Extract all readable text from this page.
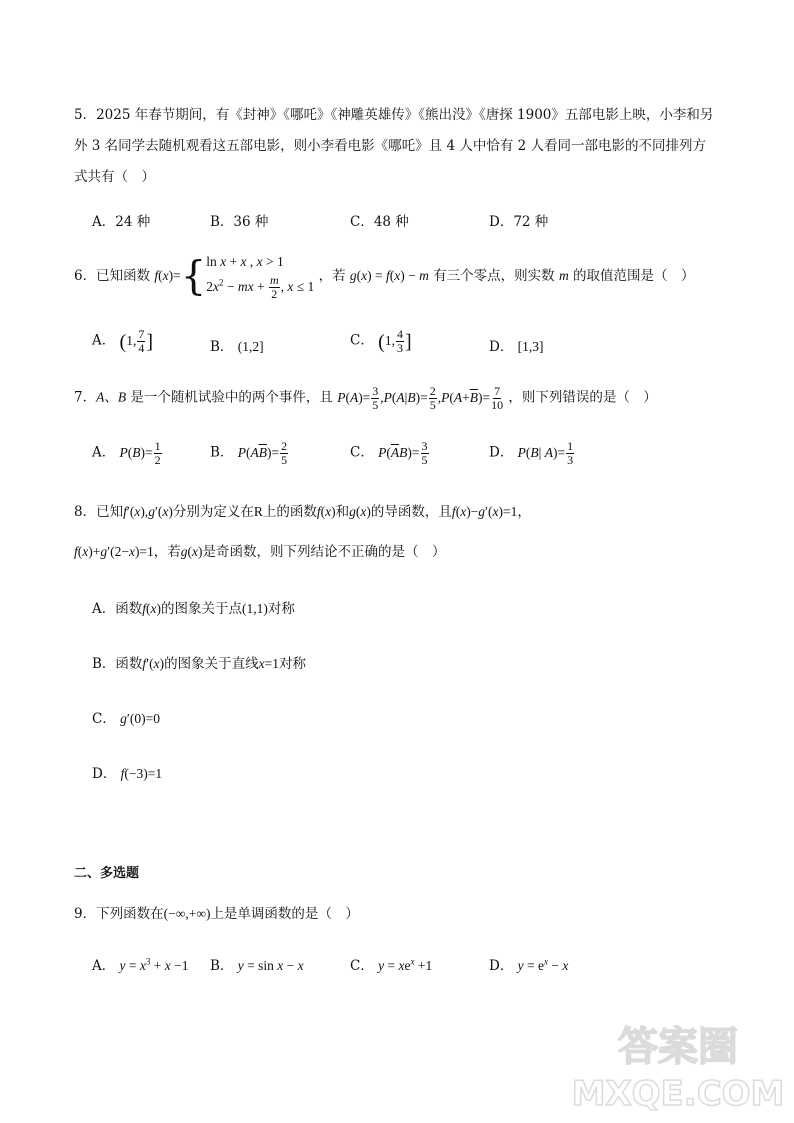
5．2025 年春节期间，有《封神》《哪吒》《神雕英雄传》《熊出没》《唐探 1900》五部电影上映，小李和另
外 3 名同学去随机观看这五部电影，则小李看电影《哪吒》且 4 人中恰有 2 人看同一部电影的不同排列方
式共有（　）
A．24 种	B．36 种	C．48 种	D．72 种
6．已知函数 f(x)={ln x + x , x > 1
$2x^2$ − mx + $\frac{m}{2}$ , x ≤ 1 ，若 g(x) = f(x) − m 有三个零点，则实数 m 的取值范围是（　）
A． (1, $\frac{7}{4}$ ]	B． (1,2]	C． (1, $\frac{4}{3}$ ]	D． [1,3]
7．A、B 是一个随机试验中的两个事件，且 $P(A)= \frac{3}{5} ,P(A|B)= \frac{2}{5} ,P(A+\overline{B})= \frac{7}{10}$ ，则下列错误的是（　）
A． $P(B)= \frac{1}{2}$	B． $P(A\overline{B})= \frac{2}{5}$	C． $P(\overline{A}B)= \frac{3}{5}$	D． P(B| $A)= \frac{1}{3}$
8．已知f′(x),g′(x)分别为定义在R上的函数f(x)和g(x)的导函数，且f(x)−g′(x)=1，
f(x)+g′(2−x)=1，若g(x)是奇函数，则下列结论不正确的是（　）
A．函数f(x)的图象关于点(1,1)对称
B．函数f′(x)的图象关于直线x=1对称
C． g′(0)=0
D． f(−3)=1
二、多选题
9．下列函数在(−∞,+∞)上是单调函数的是（　）
A． $y = x^3 + x -1$ B． y = sin x − x	C． $y = xe^x +1$	D． $y = e^x - x$
答案圈
MXQE.COM
